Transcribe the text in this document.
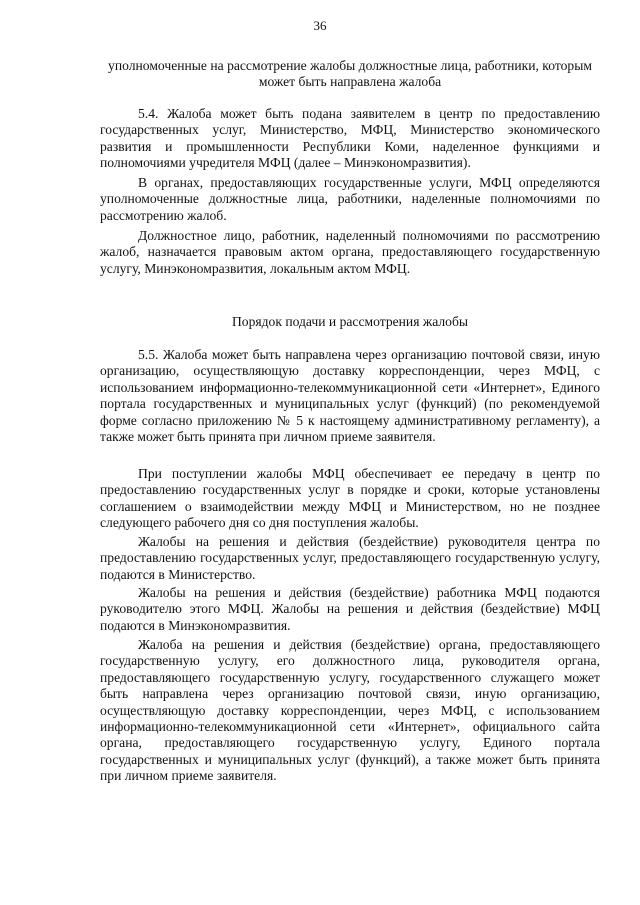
36
уполномоченные на рассмотрение жалобы должностные лица, работники, которым может быть направлена жалоба

5.4. Жалоба может быть подана заявителем в центр по предоставлению государственных услуг, Министерство, МФЦ, Министерство экономического развития и промышленности Республики Коми, наделенное функциями и полномочиями учредителя МФЦ (далее – Минэкономразвития).

В органах, предоставляющих государственные услуги, МФЦ определяются уполномоченные должностные лица, работники, наделенные полномочиями по рассмотрению жалоб.

Должностное лицо, работник, наделенный полномочиями по рассмотрению жалоб, назначается правовым актом органа, предоставляющего государственную услугу, Минэкономразвития, локальным актом МФЦ.

Порядок подачи и рассмотрения жалобы

5.5. Жалоба может быть направлена через организацию почтовой связи, иную организацию, осуществляющую доставку корреспонденции, через МФЦ, с использованием информационно-телекоммуникационной сети «Интернет», Единого портала государственных и муниципальных услуг (функций) (по рекомендуемой форме согласно приложению № 5 к настоящему административному регламенту), а также может быть принята при личном приеме заявителя.

При поступлении жалобы МФЦ обеспечивает ее передачу в центр по предоставлению государственных услуг в порядке и сроки, которые установлены соглашением о взаимодействии между МФЦ и Министерством, но не позднее следующего рабочего дня со дня поступления жалобы.

Жалобы на решения и действия (бездействие) руководителя центра по предоставлению государственных услуг, предоставляющего государственную услугу, подаются в Министерство.

Жалобы на решения и действия (бездействие) работника МФЦ подаются руководителю этого МФЦ. Жалобы на решения и действия (бездействие) МФЦ подаются в Минэкономразвития.

Жалоба на решения и действия (бездействие) органа, предоставляющего государственную услугу, его должностного лица, руководителя органа, предоставляющего государственную услугу, государственного служащего может быть направлена через организацию почтовой связи, иную организацию, осуществляющую доставку корреспонденции, через МФЦ, с использованием информационно-телекоммуникационной сети «Интернет», официального сайта органа, предоставляющего государственную услугу, Единого портала государственных и муниципальных услуг (функций), а также может быть принята при личном приеме заявителя.
